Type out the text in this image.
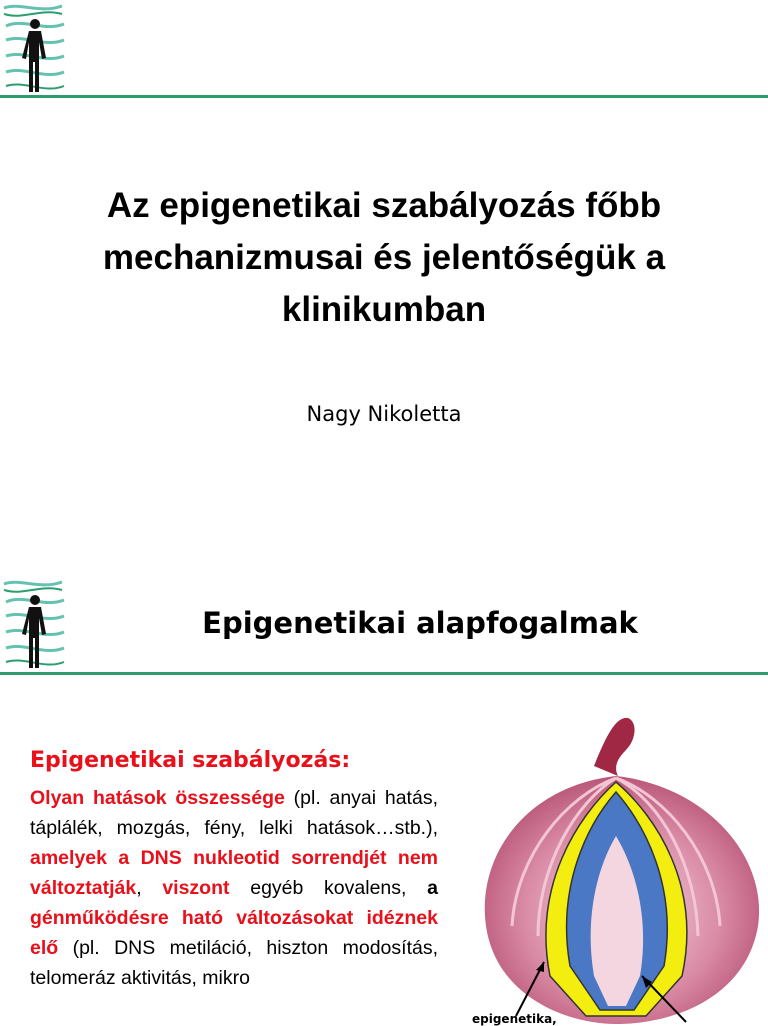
Az epigenetikai szabályozás főbb mechanizmusai és jelentőségük a klinikumban
Nagy Nikoletta
Epigenetikai alapfogalmak
Epigenetikai szabályozás:
Olyan hatások összessége (pl. anyai hatás, táplálék, mozgás, fény, lelki hatások…stb.), amelyek a DNS nukleotid sorrendjét nem változtatják, viszont egyéb kovalens, a génműködésre ható változásokat idéznek elő (pl. DNS metiláció, hiszton modosítás, telomeráz aktivitás, mikro
epigenetika,
